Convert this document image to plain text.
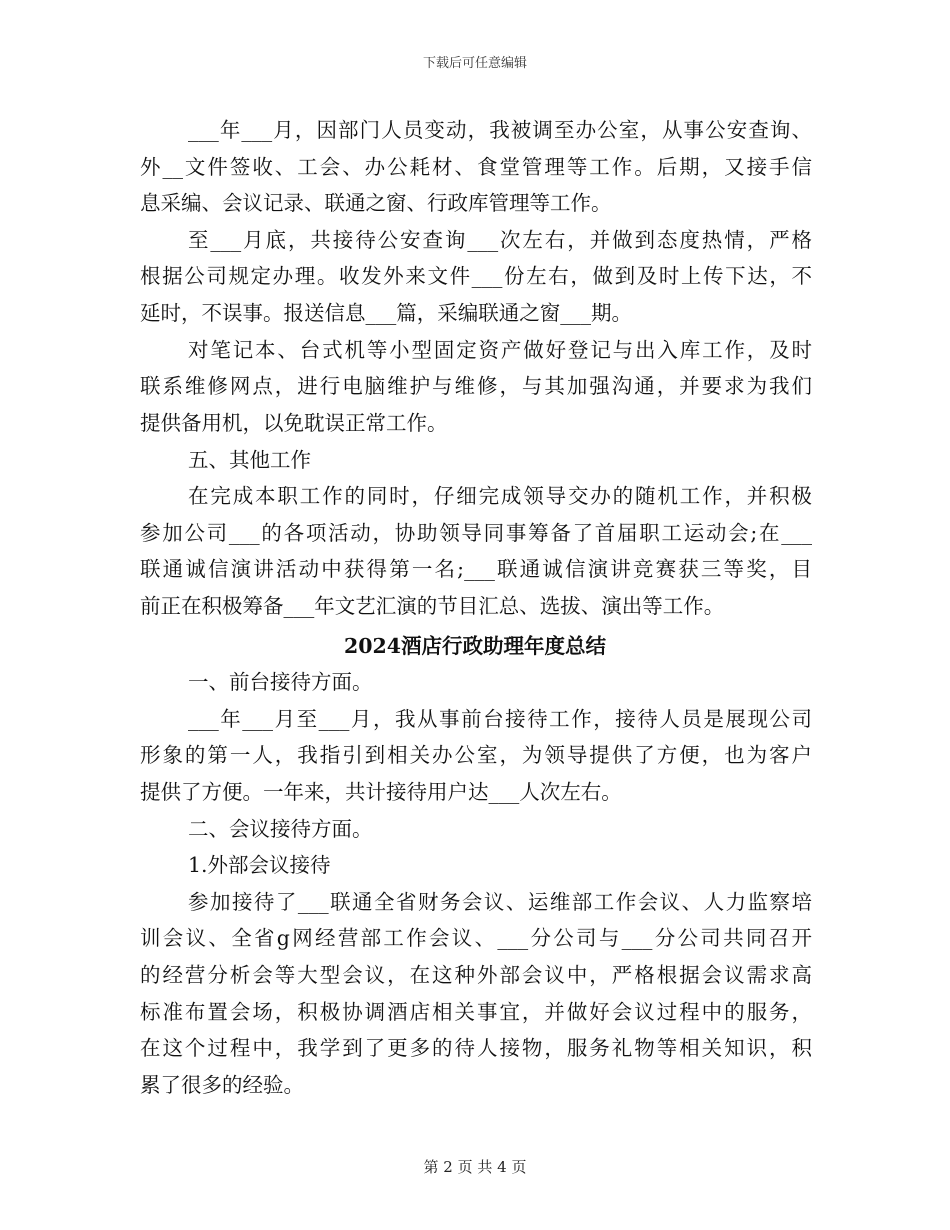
下载后可任意编辑
___年___月，因部门人员变动，我被调至办公室，从事公安查询、
外__文件签收、工会、办公耗材、食堂管理等工作。后期，又接手信
息采编、会议记录、联通之窗、行政库管理等工作。
至___月底，共接待公安查询___次左右，并做到态度热情，严格
根据公司规定办理。收发外来文件___份左右，做到及时上传下达，不
延时，不误事。报送信息___篇，采编联通之窗___期。
对笔记本、台式机等小型固定资产做好登记与出入库工作，及时
联系维修网点，进行电脑维护与维修，与其加强沟通，并要求为我们
提供备用机，以免耽误正常工作。
五、其他工作
在完成本职工作的同时，仔细完成领导交办的随机工作，并积极
参加公司___的各项活动，协助领导同事筹备了首届职工运动会;在___
联通诚信演讲活动中获得第一名;___联通诚信演讲竞赛获三等奖，目
前正在积极筹备___年文艺汇演的节目汇总、选拔、演出等工作。
2024酒店行政助理年度总结
一、前台接待方面。
___年___月至___月，我从事前台接待工作，接待人员是展现公司
形象的第一人，我指引到相关办公室，为领导提供了方便，也为客户
提供了方便。一年来，共计接待用户达___人次左右。
二、会议接待方面。
1.外部会议接待
参加接待了___联通全省财务会议、运维部工作会议、人力监察培
训会议、全省g网经营部工作会议、___分公司与___分公司共同召开
的经营分析会等大型会议，在这种外部会议中，严格根据会议需求高
标准布置会场，积极协调酒店相关事宜，并做好会议过程中的服务，
在这个过程中，我学到了更多的待人接物，服务礼物等相关知识，积
累了很多的经验。
第 2 页 共 4 页
